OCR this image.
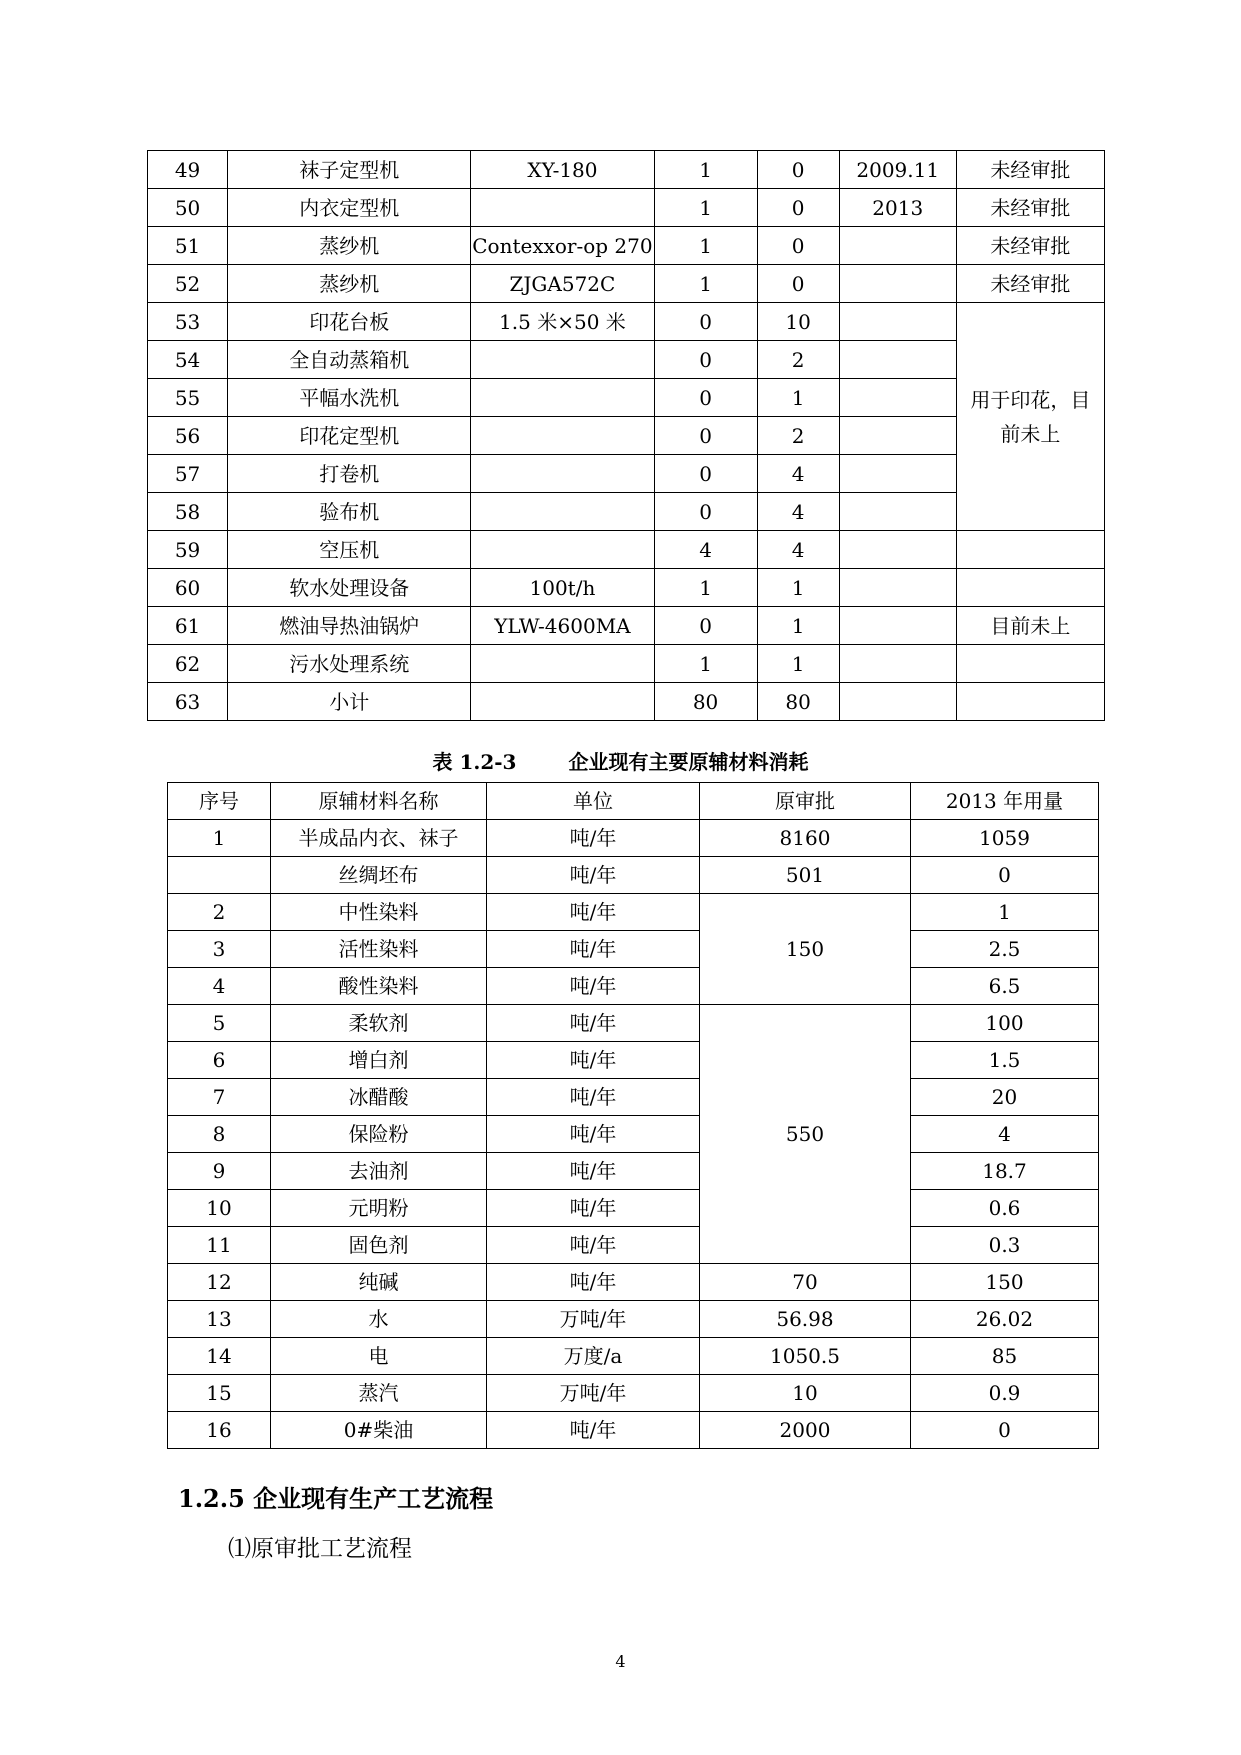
49	袜子定型机	XY-180	1	0	2009.11	未经审批
50	内衣定型机		1	0	2013	未经审批
51	蒸纱机	Contexxor-op 270	1	0		未经审批
52	蒸纱机	ZJGA572C	1	0		未经审批
53	印花台板	1.5 米×50 米	0	10		用于印花，目
前未上

54	全自动蒸箱机		0	2		
55	平幅水洗机		0	1		
56	印花定型机		0	2		
57	打卷机		0	4		
58	验布机		0	4		
59	空压机		4	4		
60	软水处理设备	100t/h	1	1		
61	燃油导热油锅炉	YLW-4600MA	0	1		目前未上
62	污水处理系统		1	1		
63	小计		80	80		
表 1.2-3	企业现有主要原辅材料消耗
序号	原辅材料名称	单位	原审批	2013 年用量
1	半成品内衣、袜子	吨/年	8160	1059
	丝绸坯布	吨/年	501	0
2	中性染料	吨/年	150	1
3	活性染料	吨/年		2.5
4	酸性染料	吨/年		6.5
5	柔软剂	吨/年	550	100
6	增白剂	吨/年		1.5
7	冰醋酸	吨/年		20
8	保险粉	吨/年		4
9	去油剂	吨/年		18.7
10	元明粉	吨/年		0.6
11	固色剂	吨/年		0.3
12	纯碱	吨/年	70	150
13	水	万吨/年	56.98	26.02
14	电	万度/a	1050.5	85
15	蒸汽	万吨/年	10	0.9
16	0#柴油	吨/年	2000	0
1.2.5 企业现有生产工艺流程
⑴原审批工艺流程
4
